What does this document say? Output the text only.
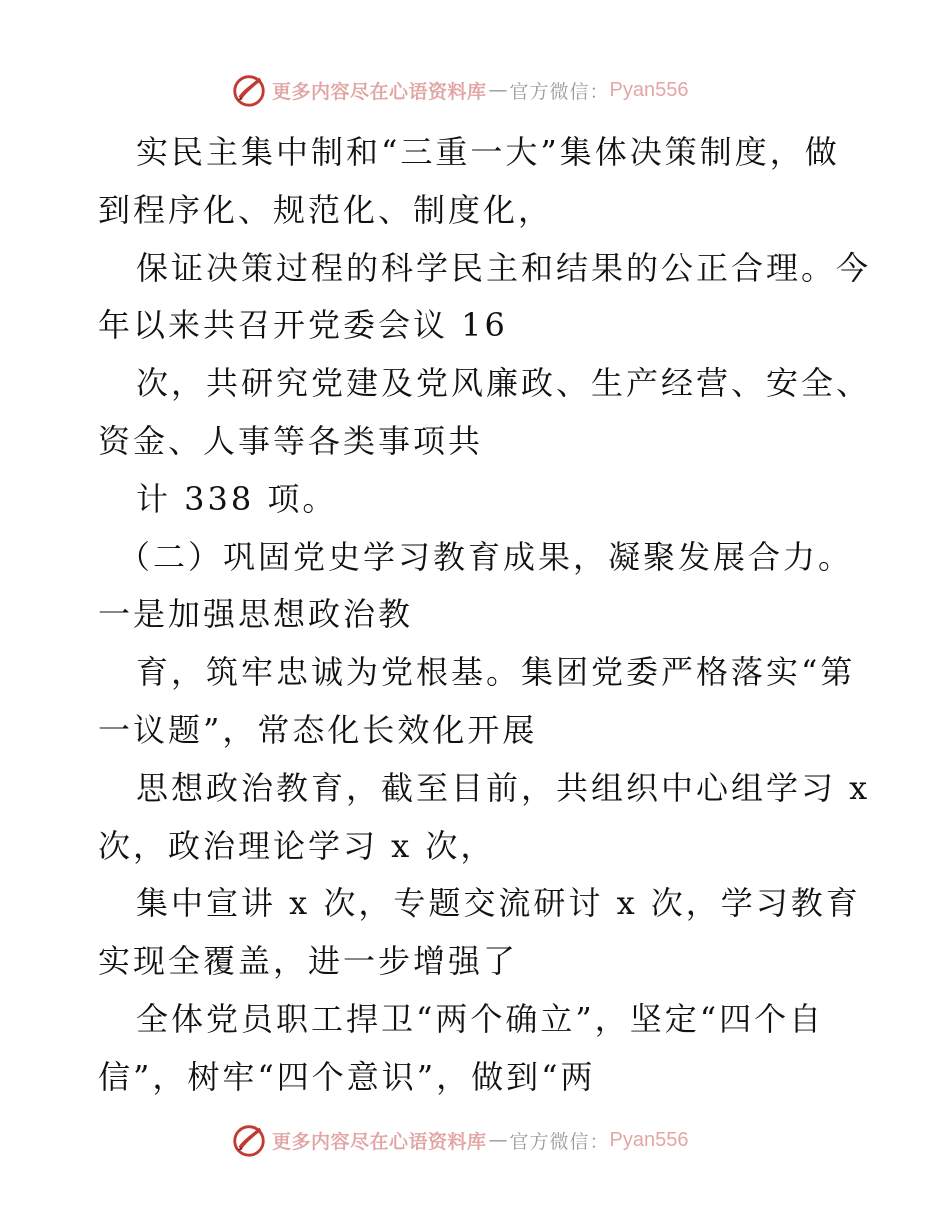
更多内容尽在心语资料库 — 官方微信： Pyan556
实民主集中制和“三重一大”集体决策制度，做
到程序化、规范化、制度化，
保证决策过程的科学民主和结果的公正合理。今
年以来共召开党委会议 16
次，共研究党建及党风廉政、生产经营、安全、
资金、人事等各类事项共
计 338 项。
（二）巩固党史学习教育成果，凝聚发展合力。
一是加强思想政治教
育，筑牢忠诚为党根基。集团党委严格落实“第
一议题”，常态化长效化开展
思想政治教育，截至目前，共组织中心组学习 x
次，政治理论学习 x 次，
集中宣讲 x 次，专题交流研讨 x 次，学习教育
实现全覆盖，进一步增强了
全体党员职工捍卫“两个确立”，坚定“四个自
信”，树牢“四个意识”，做到“两
更多内容尽在心语资料库 — 官方微信： Pyan556
